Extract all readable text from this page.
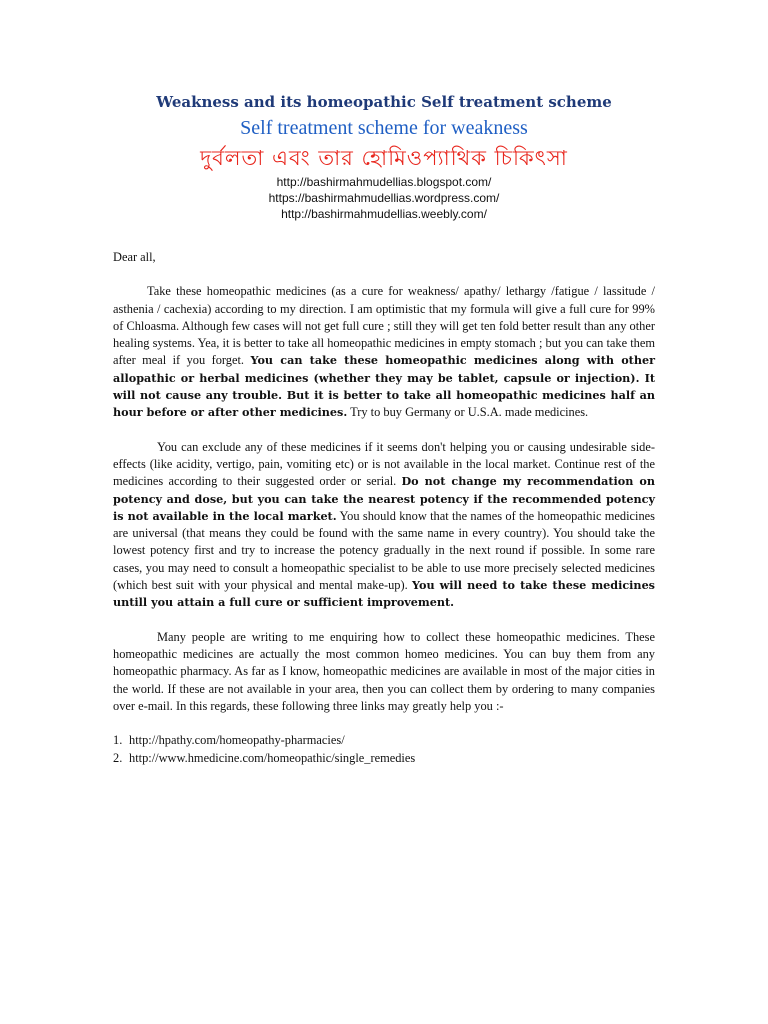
Weakness and its homeopathic Self treatment scheme

Self treatment scheme for weakness

দুর্বলতা এবং তার হোমিওপ্যাথিক চিকিৎসা

http://bashirmahmudellias.blogspot.com/

https://bashirmahmudellias.wordpress.com/

http://bashirmahmudellias.weebly.com/

Dear all,

Take these homeopathic medicines (as a cure for weakness/ apathy/ lethargy /fatigue / lassitude / asthenia / cachexia) according to my direction. I am optimistic that my formula will give a full cure for 99% of Chloasma. Although few cases will not get full cure ; still they will get ten fold better result than any other healing systems. Yea, it is better to take all homeopathic medicines in empty stomach ; but you can take them after meal if you forget. You can take these homeopathic medicines along with other allopathic or herbal medicines (whether they may be tablet, capsule or injection). It will not cause any trouble. But it is better to take all homeopathic medicines half an hour before or after other medicines. Try to buy Germany or U.S.A. made medicines.

You can exclude any of these medicines if it seems don't helping you or causing undesirable side-effects (like acidity, vertigo, pain, vomiting etc) or is not available in the local market. Continue rest of the medicines according to their suggested order or serial. Do not change my recommendation on potency and dose, but you can take the nearest potency if the recommended potency is not available in the local market. You should know that the names of the homeopathic medicines are universal (that means they could be found with the same name in every country). You should take the lowest potency first and try to increase the potency gradually in the next round if possible. In some rare cases, you may need to consult a homeopathic specialist to be able to use more precisely selected medicines (which best suit with your physical and mental make-up). You will need to take these medicines untill you attain a full cure or sufficient improvement.

Many people are writing to me enquiring how to collect these homeopathic medicines. These homeopathic medicines are actually the most common homeo medicines. You can buy them from any homeopathic pharmacy. As far as I know, homeopathic medicines are available in most of the major cities in the world. If these are not available in your area, then you can collect them by ordering to many companies over e-mail. In this regards, these following three links may greatly help you :-

1. http://hpathy.com/homeopathy-pharmacies/
2. http://www.hmedicine.com/homeopathic/single_remedies
